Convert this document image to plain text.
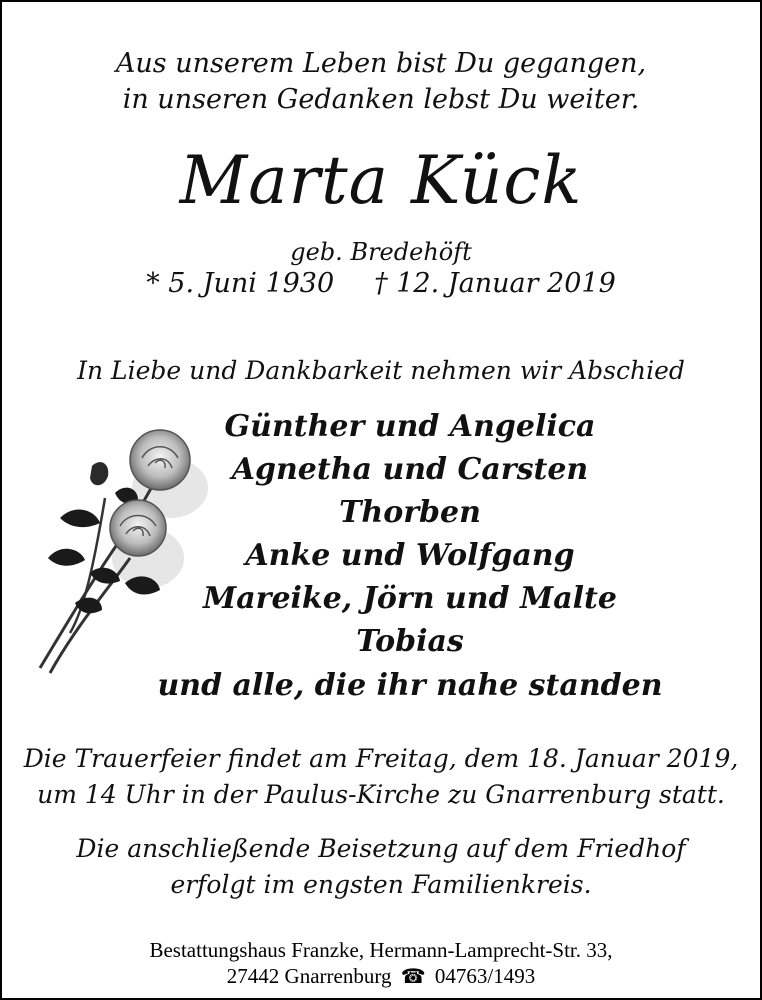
Aus unserem Leben bist Du gegangen,
in unseren Gedanken lebst Du weiter.
Marta Kück
geb. Bredehöft
* 5. Juni 1930 † 12. Januar 2019
In Liebe und Dankbarkeit nehmen wir Abschied
Günther und Angelica
Agnetha und Carsten
Thorben
Anke und Wolfgang
Mareike, Jörn und Malte
Tobias
und alle, die ihr nahe standen
Die Trauerfeier findet am Freitag, dem 18. Januar 2019,
um 14 Uhr in der Paulus-Kirche zu Gnarrenburg statt.
Die anschließende Beisetzung auf dem Friedhof
erfolgt im engsten Familienkreis.
Bestattungshaus Franzke, Hermann-Lamprecht-Str. 33,
27442 Gnarrenburg ☎ 04763/1493
